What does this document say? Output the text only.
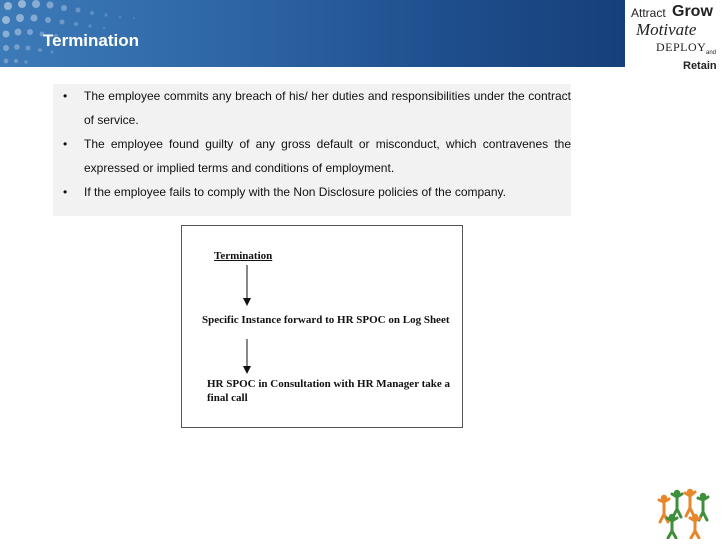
Termination
Attract Grow
Motivate
DEPLOY and
Retain
• The employee commits any breach of his/ her duties and responsibilities under the contract of service.
• The employee found guilty of any gross default or misconduct, which contravenes the expressed or implied terms and conditions of employment.
• If the employee fails to comply with the Non Disclosure policies of the company.
Termination
Specific Instance forward to HR SPOC on Log Sheet
HR SPOC in Consultation with HR Manager take a final call
